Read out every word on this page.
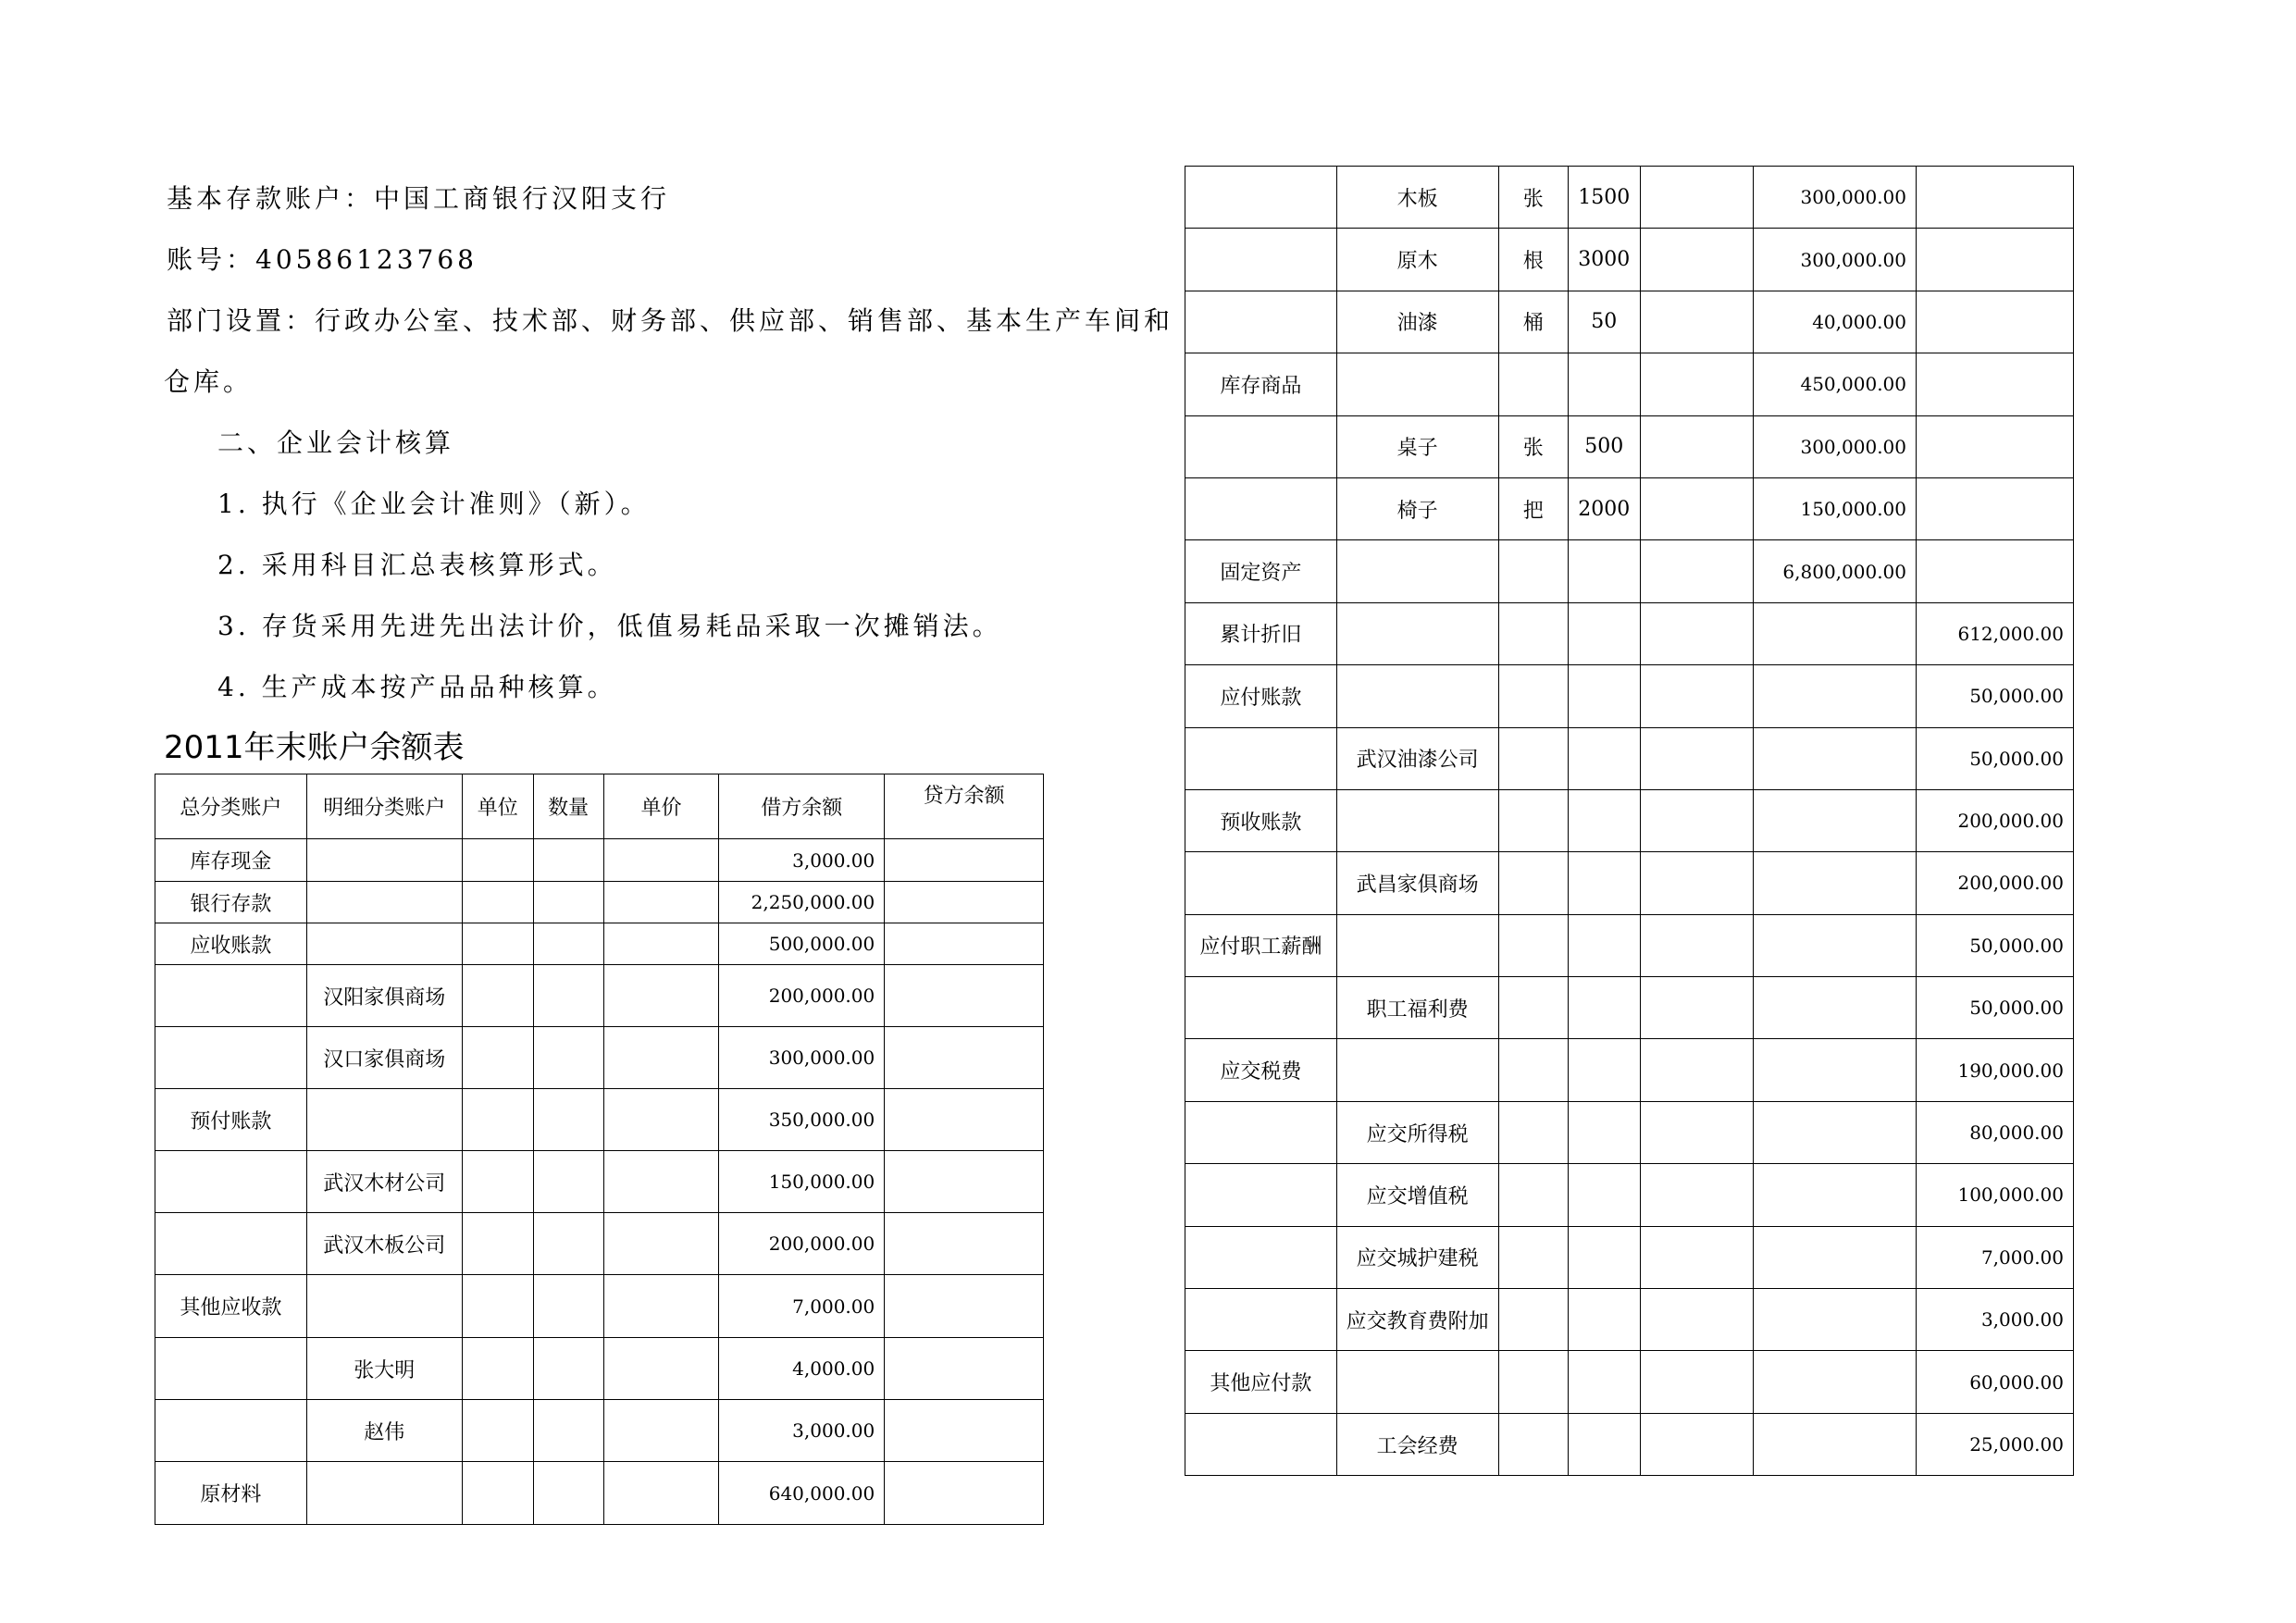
基本存款账户：中国工商银行汉阳支行
账号：40586123768
部门设置：行政办公室、技术部、财务部、供应部、销售部、基本生产车间和
仓库。
二、企业会计核算
1. 执行《企业会计准则》（新）。
2. 采用科目汇总表核算形式。
3. 存货采用先进先出法计价，低值易耗品采取一次摊销法。
4. 生产成本按产品品种核算。
2011年末账户余额表
总分类账户	明细分类账户	单位	数量	单价	借方余额	贷方余额
库存现金					3,000.00	
银行存款					2,250,000.00	
应收账款					500,000.00	
	汉阳家俱商场				200,000.00	
	汉口家俱商场				300,000.00	
预付账款					350,000.00	
	武汉木材公司				150,000.00	
	武汉木板公司				200,000.00	
其他应收款					7,000.00	
	张大明				4,000.00	
	赵伟				3,000.00	
原材料					640,000.00	
	木板	张	1500		300,000.00	
	原木	根	3000		300,000.00	
	油漆	桶	50		40,000.00	
库存商品					450,000.00	
	桌子	张	500		300,000.00	
	椅子	把	2000		150,000.00	
固定资产					6,800,000.00	
累计折旧						612,000.00
应付账款						50,000.00
	武汉油漆公司					50,000.00
预收账款						200,000.00
	武昌家俱商场					200,000.00
应付职工薪酬						50,000.00
	职工福利费					50,000.00
应交税费						190,000.00
	应交所得税					80,000.00
	应交增值税					100,000.00
	应交城护建税					7,000.00
	应交教育费附加					3,000.00
其他应付款						60,000.00
	工会经费					25,000.00
